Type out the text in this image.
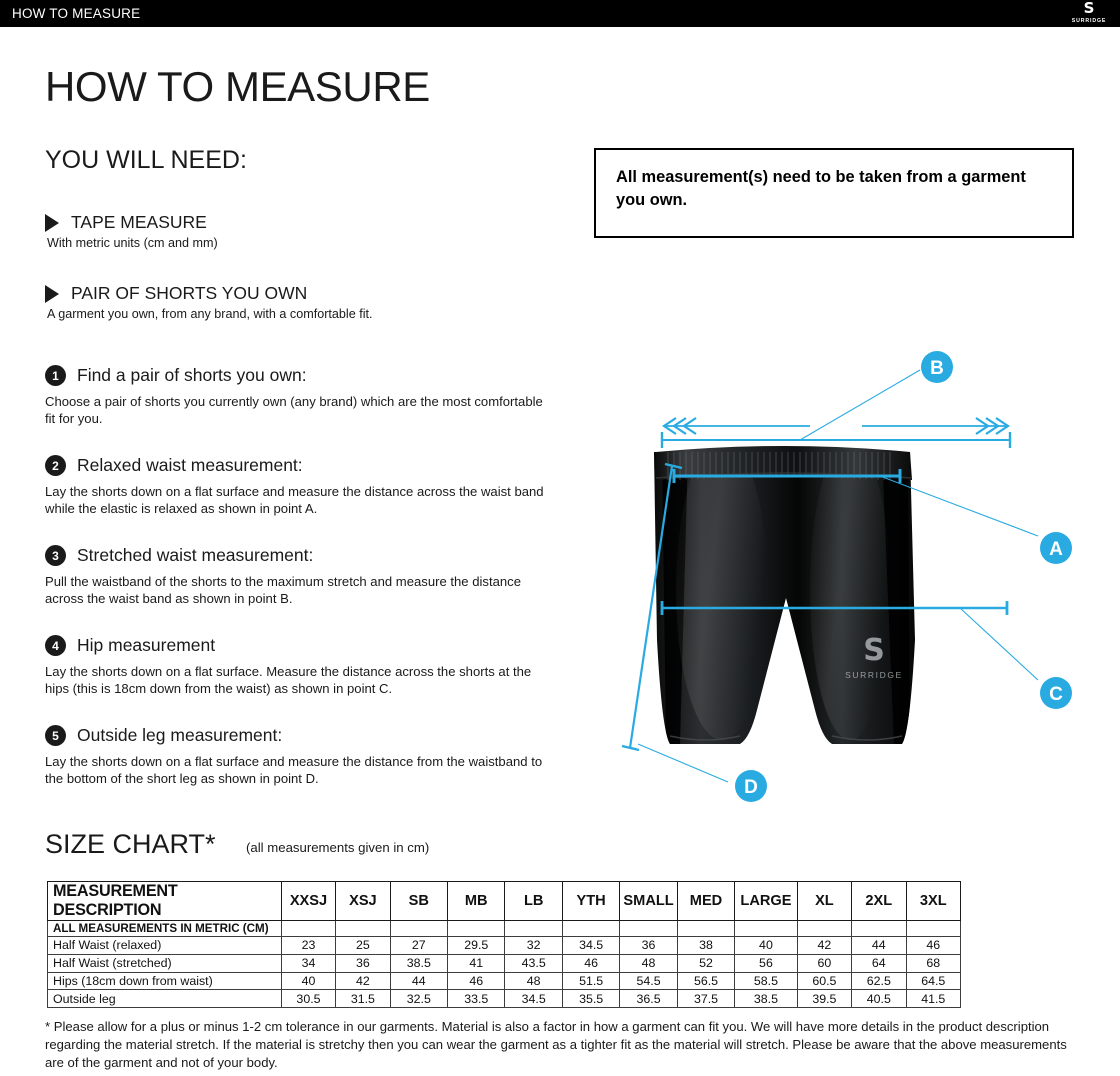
HOW TO MEASURE	S
SURRIDGE
HOW TO MEASURE
YOU WILL NEED:
TAPE MEASURE
With metric units (cm and mm)
PAIR OF SHORTS YOU OWN
A garment you own, from any brand, with a comfortable fit.
All measurement(s) need to be taken from a garment you own.
1	Find a pair of shorts you own:
Choose a pair of shorts you currently own (any brand) which are the most comfortable fit for you.
2	Relaxed waist measurement:
Lay the shorts down on a flat surface and measure the distance across the waist band while the elastic is relaxed as shown in point A.
3	Stretched waist measurement:
Pull the waistband of the shorts to the maximum stretch and measure the distance across the waist band as shown in point B.
4	Hip measurement
Lay the shorts down on a flat surface. Measure the distance across the shorts at the hips (this is 18cm down from the waist) as shown in point C.
5	Outside leg measurement:
Lay the shorts down on a flat surface and measure the distance from the waistband to the bottom of the short leg as shown in point D.
S
SURRIDGE
B
A
C
D
SIZE CHART* (all measurements given in cm)
MEASUREMENT DESCRIPTION	XXSJ	XSJ	SB	MB	LB	YTH	SMALL	MED	LARGE	XL	2XL	3XL
ALL MEASUREMENTS IN METRIC (CM)												
Half Waist (relaxed)	23	25	27	29.5	32	34.5	36	38	40	42	44	46
Half Waist (stretched)	34	36	38.5	41	43.5	46	48	52	56	60	64	68
Hips (18cm down from waist)	40	42	44	46	48	51.5	54.5	56.5	58.5	60.5	62.5	64.5
Outside leg	30.5	31.5	32.5	33.5	34.5	35.5	36.5	37.5	38.5	39.5	40.5	41.5
* Please allow for a plus or minus 1-2 cm tolerance in our garments. Material is also a factor in how a garment can fit you. We will have more details in the product description regarding the material stretch. If the material is stretchy then you can wear the garment as a tighter fit as the material will stretch. Please be aware that the above measurements are of the garment and not of your body.
